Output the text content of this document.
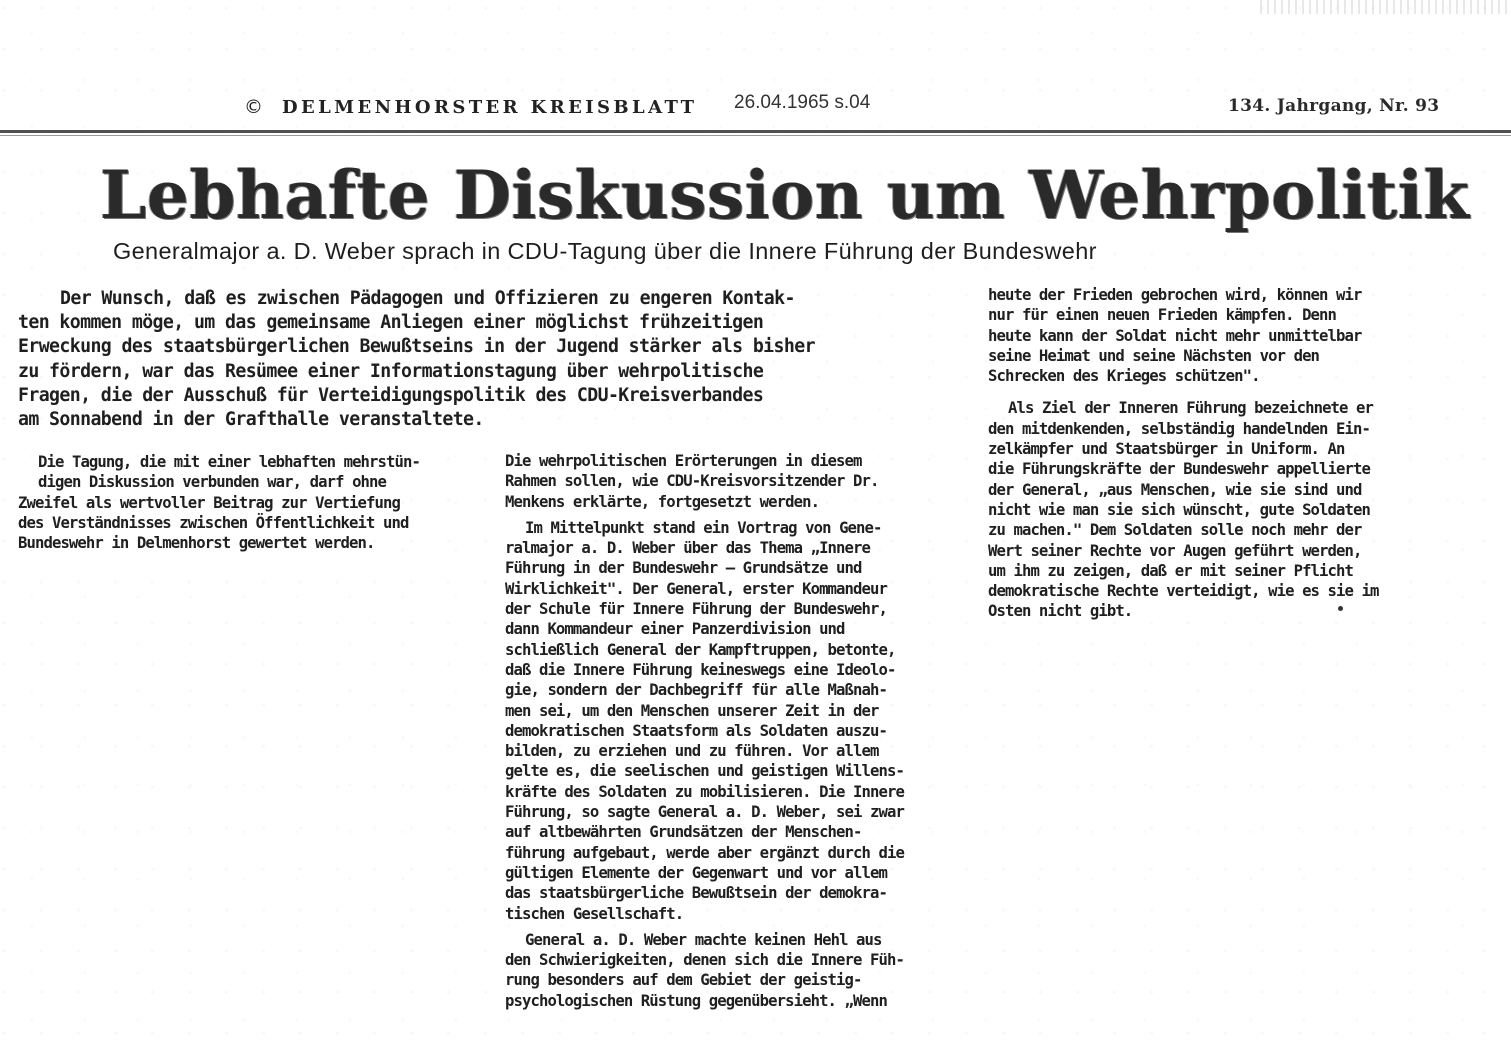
© DELMENHORSTER KREISBLATT 26.04.1965 s.04	134. Jahrgang, Nr. 93
Lebhafte Diskussion um Wehrpolitik
Generalmajor a. D. Weber sprach in CDU-Tagung über die Innere Führung der Bundeswehr
Der Wunsch, daß es zwischen Pädagogen und Offizieren zu engeren Kontak-
ten kommen möge, um das gemeinsame Anliegen einer möglichst frühzeitigen
Erweckung des staatsbürgerlichen Bewußtseins in der Jugend stärker als bisher
zu fördern, war das Resümee einer Informationstagung über wehrpolitische
Fragen, die der Ausschuß für Verteidigungspolitik des CDU-Kreisverbandes
am Sonnabend in der Grafthalle veranstaltete.
Die Tagung, die mit einer lebhaften mehrstün-
digen Diskussion verbunden war, darf ohne
Zweifel als wertvoller Beitrag zur Vertiefung
des Verständnisses zwischen Öffentlichkeit und
Bundeswehr in Delmenhorst gewertet werden.
Die wehrpolitischen Erörterungen in diesem
Rahmen sollen, wie CDU-Kreisvorsitzender Dr.
Menkens erklärte, fortgesetzt werden.
Im Mittelpunkt stand ein Vortrag von Gene-
ralmajor a. D. Weber über das Thema „Innere
Führung in der Bundeswehr — Grundsätze und
Wirklichkeit". Der General, erster Kommandeur
der Schule für Innere Führung der Bundeswehr,
dann Kommandeur einer Panzerdivision und
schließlich General der Kampftruppen, betonte,
daß die Innere Führung keineswegs eine Ideolo-
gie, sondern der Dachbegriff für alle Maßnah-
men sei, um den Menschen unserer Zeit in der
demokratischen Staatsform als Soldaten auszu-
bilden, zu erziehen und zu führen. Vor allem
gelte es, die seelischen und geistigen Willens-
kräfte des Soldaten zu mobilisieren. Die Innere
Führung, so sagte General a. D. Weber, sei zwar
auf altbewährten Grundsätzen der Menschen-
führung aufgebaut, werde aber ergänzt durch die
gültigen Elemente der Gegenwart und vor allem
das staatsbürgerliche Bewußtsein der demokra-
tischen Gesellschaft.
General a. D. Weber machte keinen Hehl aus
den Schwierigkeiten, denen sich die Innere Füh-
rung besonders auf dem Gebiet der geistig-
psychologischen Rüstung gegenübersieht. „Wenn
heute der Frieden gebrochen wird, können wir
nur für einen neuen Frieden kämpfen. Denn
heute kann der Soldat nicht mehr unmittelbar
seine Heimat und seine Nächsten vor den
Schrecken des Krieges schützen".
Als Ziel der Inneren Führung bezeichnete er
den mitdenkenden, selbständig handelnden Ein-
zelkämpfer und Staatsbürger in Uniform. An
die Führungskräfte der Bundeswehr appellierte
der General, „aus Menschen, wie sie sind und
nicht wie man sie sich wünscht, gute Soldaten
zu machen." Dem Soldaten solle noch mehr der
Wert seiner Rechte vor Augen geführt werden,
um ihm zu zeigen, daß er mit seiner Pflicht
demokratische Rechte verteidigt, wie es sie im
Osten nicht gibt.
